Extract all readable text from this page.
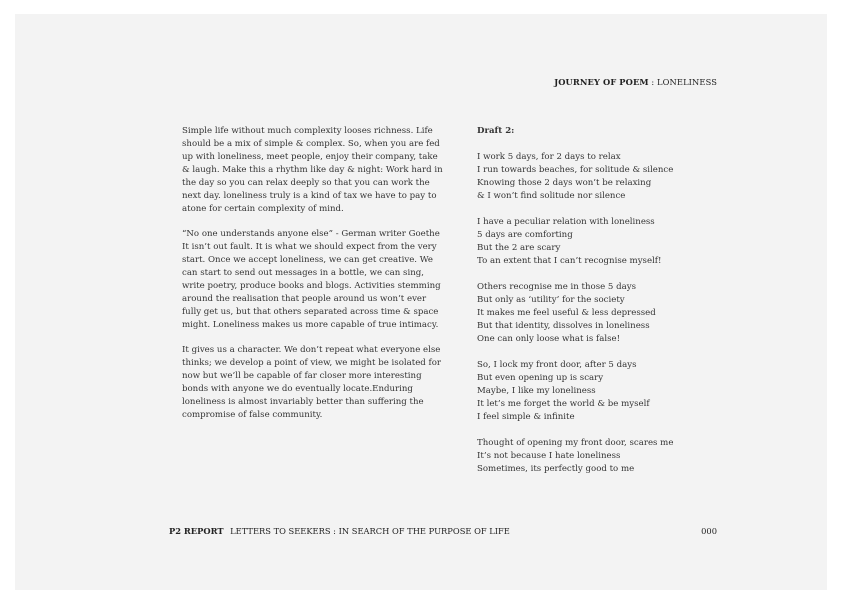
JOURNEY OF POEM : LONELINESS

Simple life without much complexity looses richness. Life should be a mix of simple & complex. So, when you are fed up with loneliness, meet people, enjoy their company, take & laugh. Make this a rhythm like day & night: Work hard in the day so you can relax deeply so that you can work the next day. loneliness truly is a kind of tax we have to pay to atone for certain complexity of mind.

“No one understands anyone else” - German writer Goethe

It isn’t out fault. It is what we should expect from the very start. Once we accept loneliness, we can get creative. We can start to send out messages in a bottle, we can sing, write poetry, produce books and blogs. Activities stemming around the realisation that people around us won’t ever fully get us, but that others separated across time & space might. Loneliness makes us more capable of true intimacy.

It gives us a character. We don’t repeat what everyone else thinks; we develop a point of view, we might be isolated for now but we’ll be capable of far closer more interesting bonds with anyone we do eventually locate.Enduring loneliness is almost invariably better than suffering the compromise of false community.

Draft 2:
I work 5 days, for 2 days to relax
I run towards beaches, for solitude & silence
Knowing those 2 days won’t be relaxing
& I won’t find solitude nor silence
I have a peculiar relation with loneliness
5 days are comforting
But the 2 are scary
To an extent that I can’t recognise myself!
Others recognise me in those 5 days
But only as ‘utility’ for the society
It makes me feel useful & less depressed
But that identity, dissolves in loneliness
One can only loose what is false!
So, I lock my front door, after 5 days
But even opening up is scary
Maybe, I like my loneliness
It let’s me forget the world & be myself
I feel simple & infinite
Thought of opening my front door, scares me
It’s not because I hate loneliness
Sometimes, its perfectly good to me
P2 REPORT LETTERS TO SEEKERS : IN SEARCH OF THE PURPOSE OF LIFE	000
